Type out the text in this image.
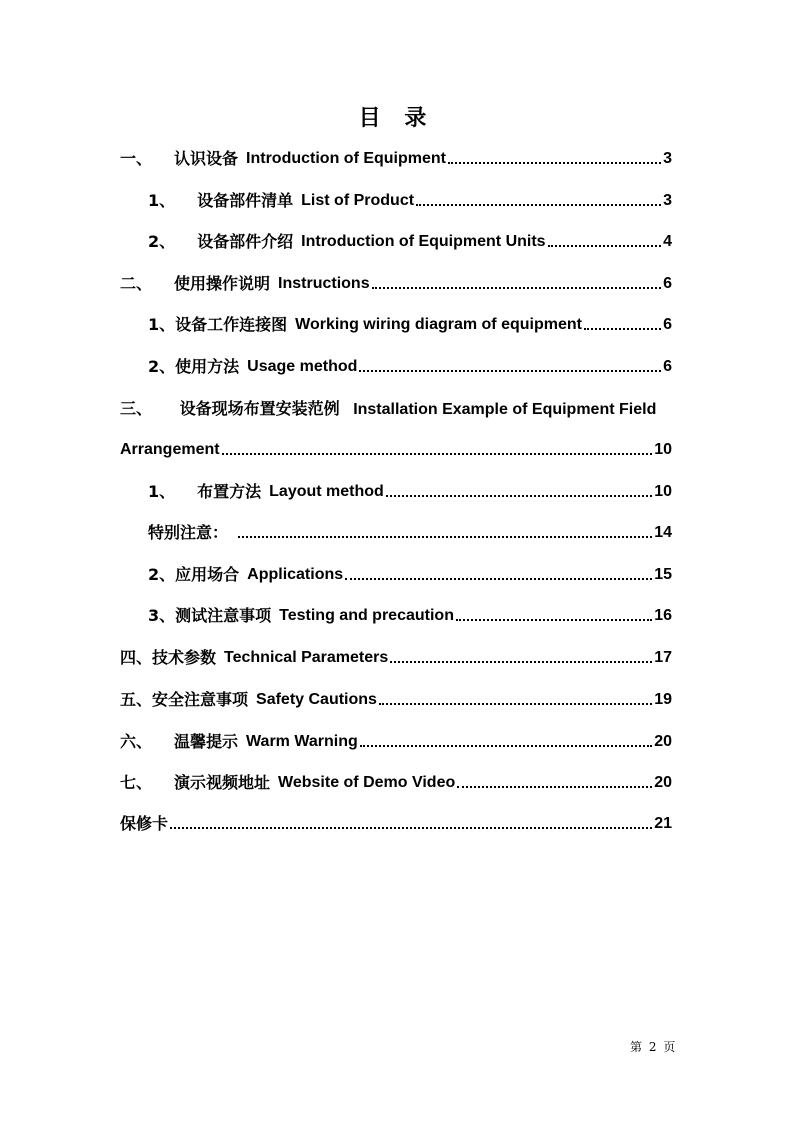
目 录
一、 认识设备 Introduction of Equipment	3
1、 设备部件清单 List of Product	3
2、 设备部件介绍 Introduction of Equipment Units	4
二、 使用操作说明 Instructions	6
1、设备工作连接图 Working wiring diagram of equipment	6
2、使用方法 Usage method	6
三、 设备现场布置安装范例 Installation Example of Equipment Field
Arrangement	10
1、 布置方法 Layout method	10
特别注意：	14
2、应用场合 Applications	15
3、测试注意事项 Testing and precaution	16
四、技术参数 Technical Parameters	17
五、安全注意事项 Safety Cautions	19
六、 温馨提示 Warm Warning	20
七、 演示视频地址 Website of Demo Video	20
保修卡	21
第 2 页
